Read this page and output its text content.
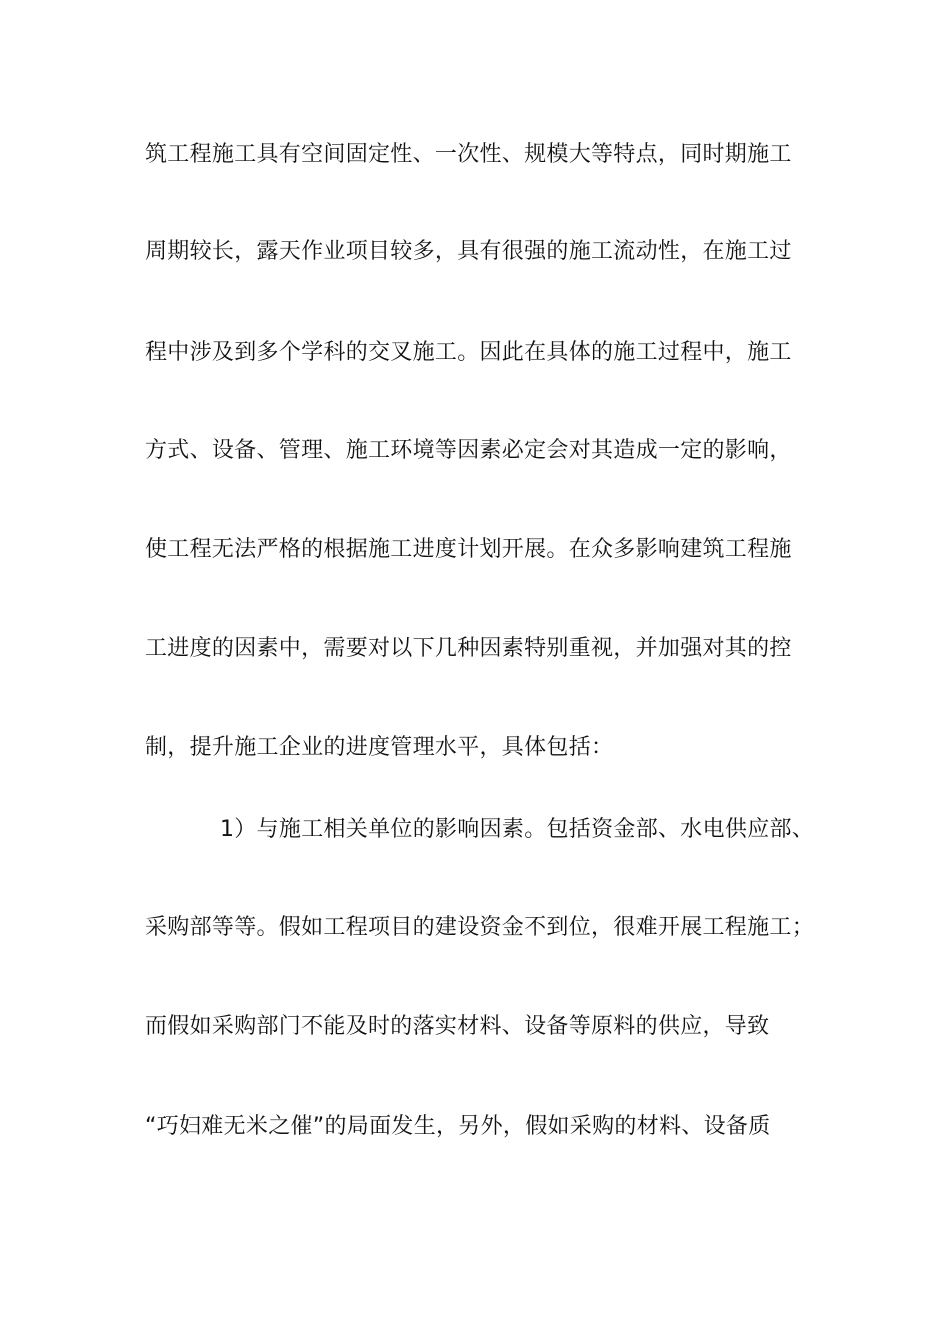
筑工程施工具有空间固定性、一次性、规模大等特点，同时期施工
周期较长，露天作业项目较多，具有很强的施工流动性，在施工过
程中涉及到多个学科的交叉施工。因此在具体的施工过程中，施工
方式、设备、管理、施工环境等因素必定会对其造成一定的影响，
使工程无法严格的根据施工进度计划开展。在众多影响建筑工程施
工进度的因素中，需要对以下几种因素特别重视，并加强对其的控
制，提升施工企业的进度管理水平，具体包括：
1）与施工相关单位的影响因素。包括资金部、水电供应部、
采购部等等。假如工程项目的建设资金不到位，很难开展工程施工；
而假如采购部门不能及时的落实材料、设备等原料的供应，导致
“巧妇难无米之催”的局面发生，另外，假如采购的材料、设备质
